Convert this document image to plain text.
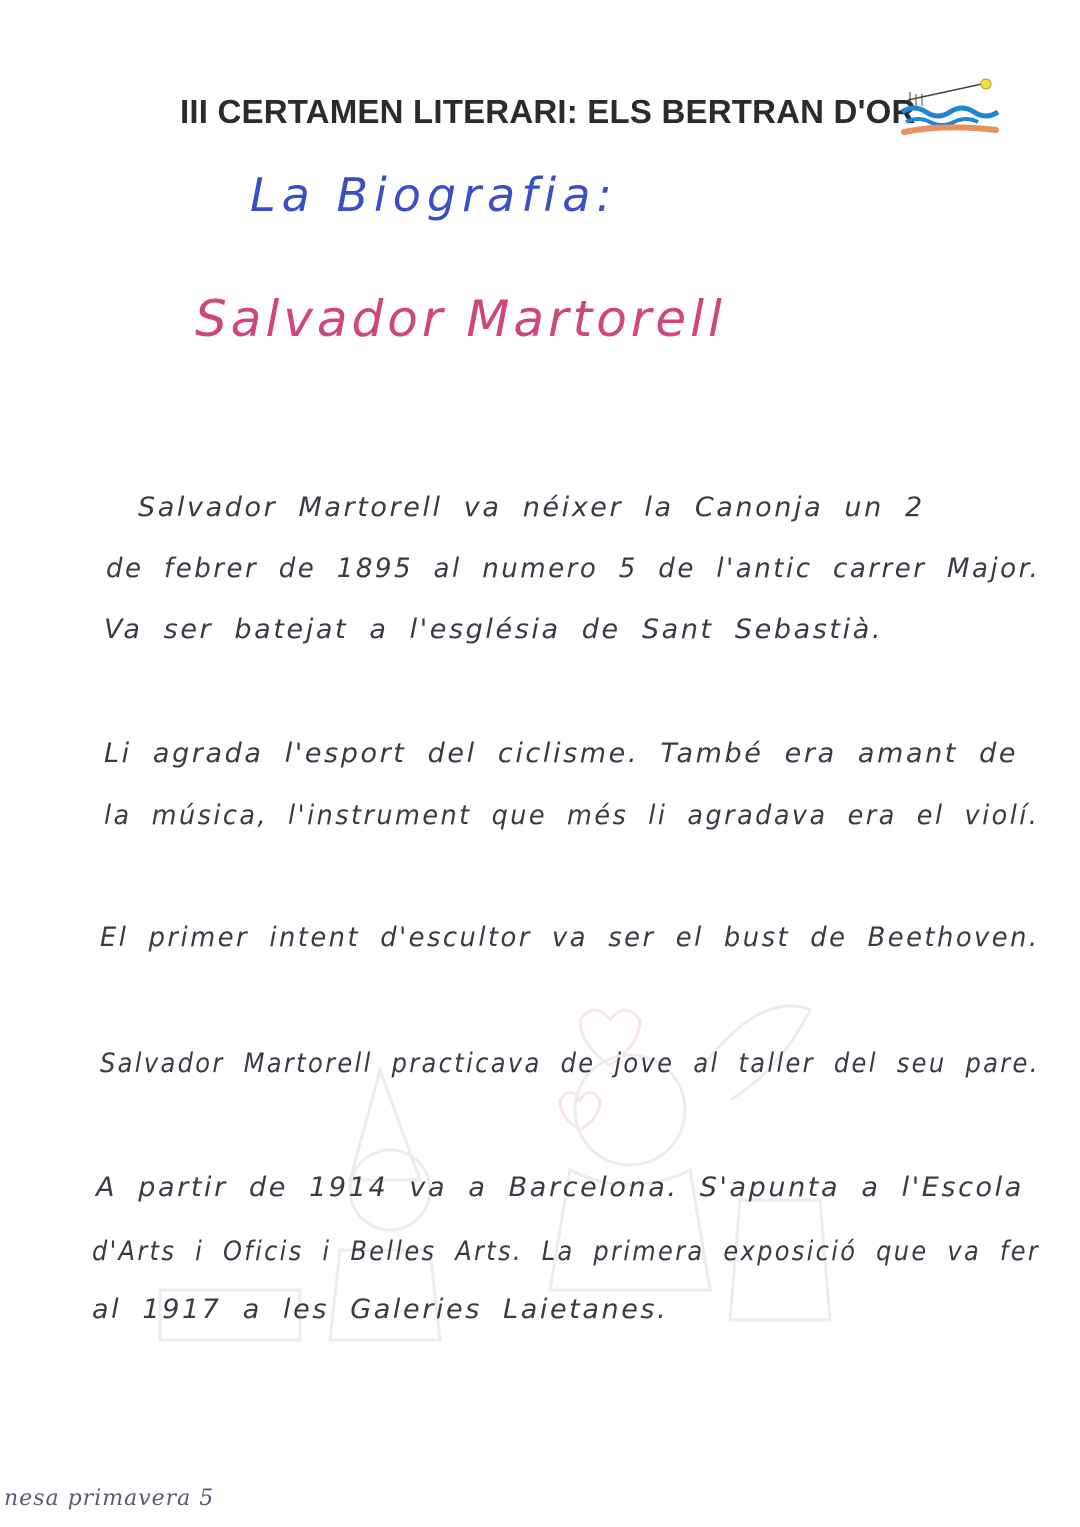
III CERTAMEN LITERARI: ELS BERTRAN D'OR
La Biografia:
Salvador Martorell
Salvador Martorell va néixer la Canonja un 2
de febrer de 1895 al numero 5 de l'antic carrer Major.
Va ser batejat a l'església de Sant Sebastià.
Li agrada l'esport del ciclisme. També era amant de
la música, l'instrument que més li agradava era el violí.
El primer intent d'escultor va ser el bust de Beethoven.
Salvador Martorell practicava de jove al taller del seu pare.
A partir de 1914 va a Barcelona. S'apunta a l'Escola
d'Arts i Oficis i Belles Arts. La primera exposició que va fer
al 1917 a les Galeries Laietanes.
nesa primavera 5
